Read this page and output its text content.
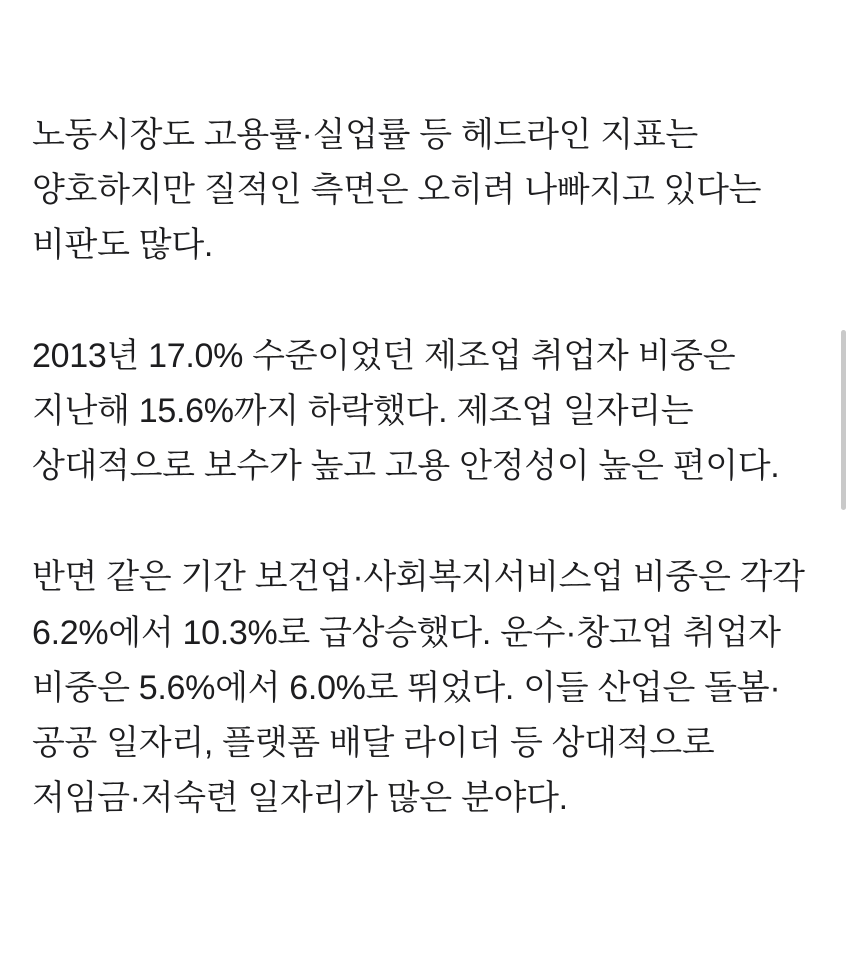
노동시장도 고용률·실업률 등 헤드라인 지표는 양호하지만 질적인 측면은 오히려 나빠지고 있다는 비판도 많다.

2013년 17.0% 수준이었던 제조업 취업자 비중은 지난해 15.6%까지 하락했다. 제조업 일자리는 상대적으로 보수가 높고 고용 안정성이 높은 편이다.

반면 같은 기간 보건업·사회복지서비스업 비중은 각각 6.2%에서 10.3%로 급상승했다. 운수·창고업 취업자 비중은 5.6%에서 6.0%로 뛰었다. 이들 산업은 돌봄·공공 일자리, 플랫폼 배달 라이더 등 상대적으로 저임금·저숙련 일자리가 많은 분야다.
